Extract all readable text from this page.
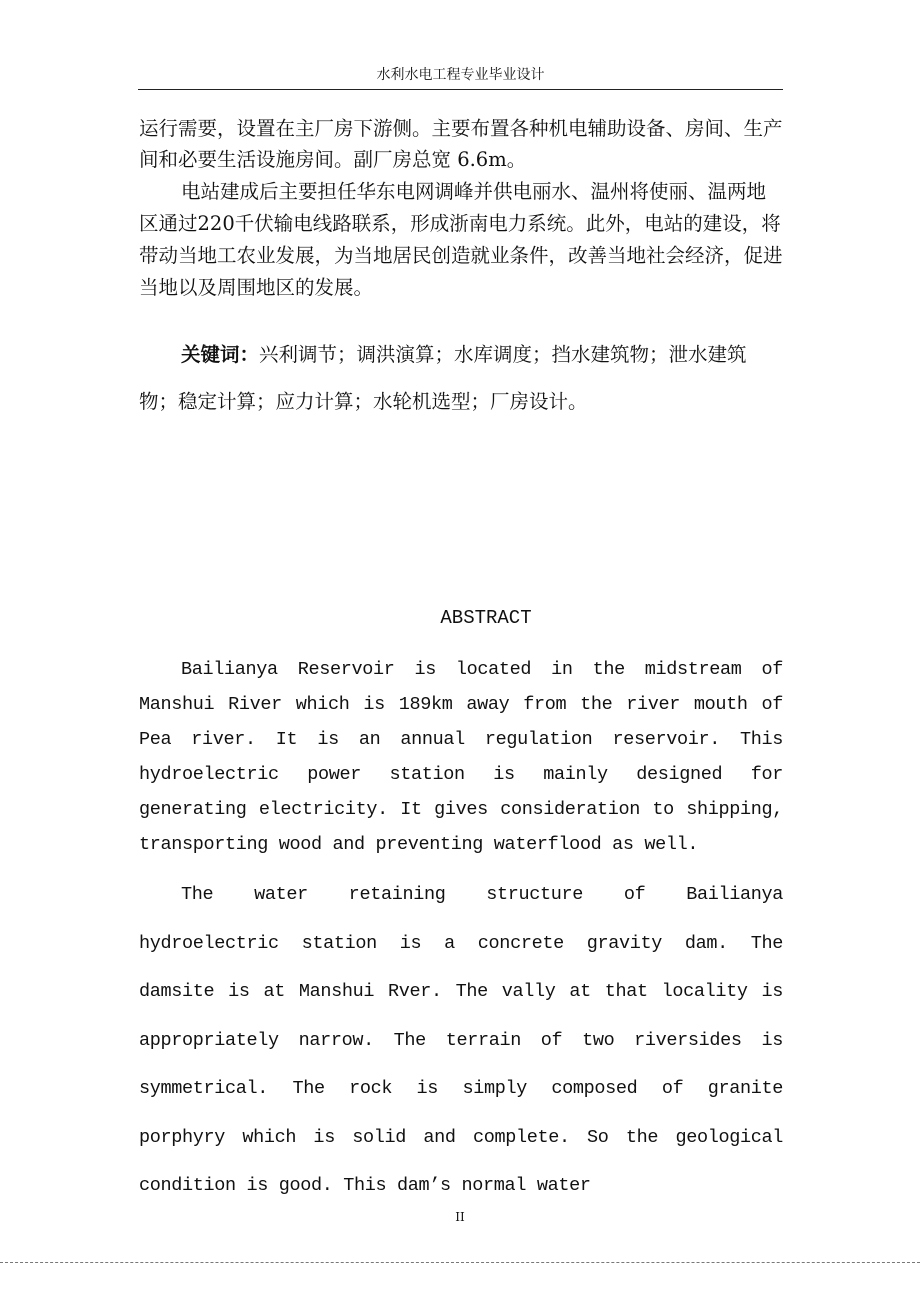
水利水电工程专业毕业设计

运行需要，设置在主厂房下游侧。主要布置各种机电辅助设备、房间、生产间和必要生活设施房间。副厂房总宽 6.6m。

电站建成后主要担任华东电网调峰并供电丽水、温州将使丽、温两地区通过220千伏输电线路联系，形成浙南电力系统。此外，电站的建设，将带动当地工农业发展，为当地居民创造就业条件，改善当地社会经济，促进当地以及周围地区的发展。

关键词：兴利调节；调洪演算；水库调度；挡水建筑物；泄水建筑物；稳定计算；应力计算；水轮机选型；厂房设计。

ABSTRACT

Bailianya Reservoir is located in the midstream of Manshui River which is 189km away from the river mouth of Pea river. It is an annual regulation reservoir. This hydroelectric power station is mainly designed for generating electricity. It gives consideration to shipping, transporting wood and preventing waterflood as well.

The water retaining structure of Bailianya hydroelectric station is a concrete gravity dam. The damsite is at Manshui Rver. The vally at that locality is appropriately narrow. The terrain of two riversides is symmetrical. The rock is simply composed of granite porphyry which is solid and complete. So the geological condition is good. This dam’s normal water

II
